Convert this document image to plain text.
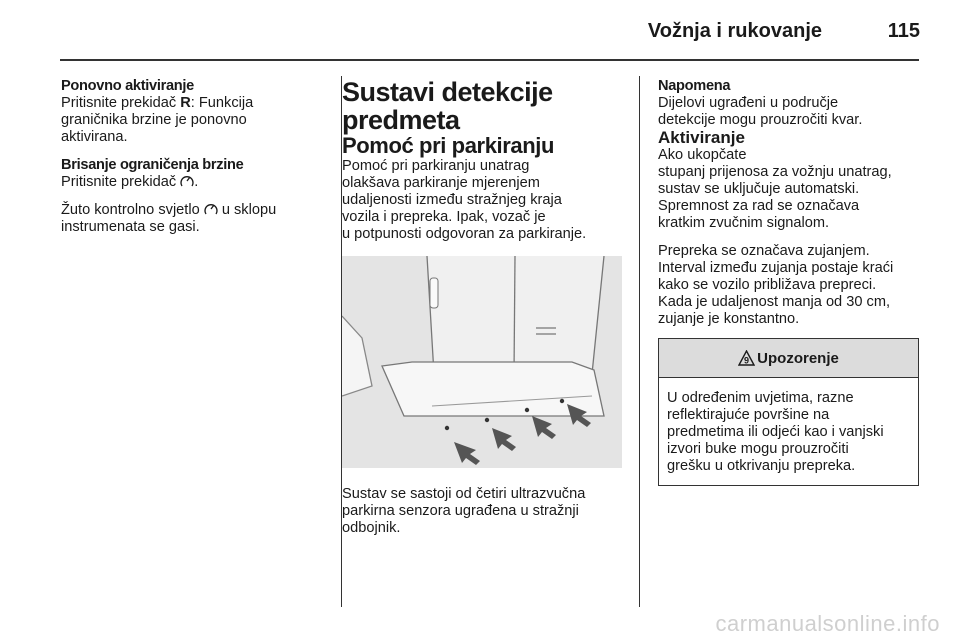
Vožnja i rukovanje	115

Ponovno aktiviranje

Pritisnite prekidač R: Funkcija

graničnika brzine je ponovno

aktivirana.

Brisanje ograničenja brzine

Pritisnite prekidač .

Žuto kontrolno svjetlo  u sklopu

instrumenata se gasi.

Sustavi detekcije
predmeta

Pomoć pri parkiranju

Pomoć pri parkiranju unatrag

olakšava parkiranje mjerenjem

udaljenosti između stražnjeg kraja

vozila i prepreka. Ipak, vozač je

u potpunosti odgovoran za parkiranje.

Sustav se sastoji od četiri ultrazvučna

parkirna senzora ugrađena u stražnji

odbojnik.

Napomena

Dijelovi ugrađeni u područje

detekcije mogu prouzročiti kvar.

Aktiviranje

Ako ukopčate

stupanj prijenosa za vožnju unatrag,

sustav se uključuje automatski.

Spremnost za rad se označava

kratkim zvučnim signalom.

Prepreka se označava zujanjem.

Interval između zujanja postaje kraći

kako se vozilo približava prepreci.

Kada je udaljenost manja od 30 cm,

zujanje je konstantno.

9 Upozorenje

U određenim uvjetima, razne

reflektirajuće površine na

predmetima ili odjeći kao i vanjski

izvori buke mogu prouzročiti

grešku u otkrivanju prepreka.

carmanualsonline.info
